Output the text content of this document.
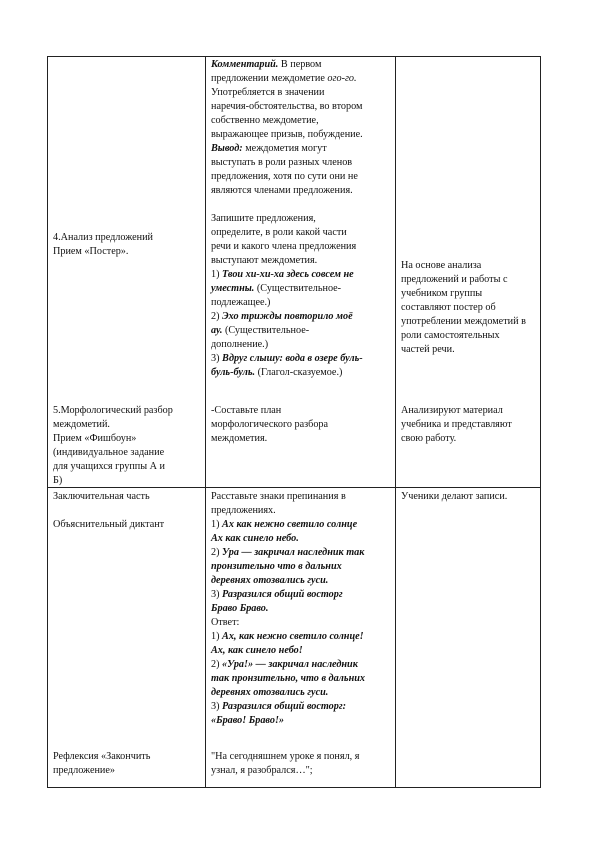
4.Анализ предложений
Прием «Постер».

5.Морфологический разбор
междометий.
Прием «Фишбоун»
(индивидуальное задание
для учащихся группы А и
Б)

Комментарий. В первом
предложении междометие ого-го.
Употребляется в значении
наречия-обстоятельства, во втором
собственно междометие,
выражающее призыв, побуждение.

Вывод: междометия могут
выступать в роли разных членов
предложения, хотя по сути они не
являются членами предложения.

Запишите предложения,
определите, в роли какой части
речи и какого члена предложения
выступают междометия.

1) Твои хи-хи-ха здесь совсем не
уместны. (Существительное-
подлежащее.)

2) Эхо трижды повторило моё
ау. (Существительное-
дополнение.)

3) Вдруг слышу: вода в озере буль-
буль-буль. (Глагол-сказуемое.)

-Составьте план
морфологического разбора
междометия.

На основе анализа
предложений и работы с
учебником группы
составляют постер об
употреблении междометий в
роли самостоятельных
частей речи.

Анализируют материал
учебника и представляют
свою работу.

Заключительная часть

Объяснительный диктант

Рефлексия «Закончить
предложение»

Расставьте знаки препинания в
предложениях.

1) Ах как нежно светило солнце
Ах как синело небо.

2) Ура — закричал наследник так
пронзительно что в дальних
деревнях отозвались гуси.

3) Разразился общий восторг
Браво Браво.

Ответ:

1) Ах, как нежно светило солнце!
Ах, как синело небо!

2) «Ура!» — закричал наследник
так пронзительно, что в дальних
деревнях отозвались гуси.

3) Разразился общий восторг:
«Браво! Браво!»

"На сегодняшнем уроке я понял, я
узнал, я разобрался…";

Ученики делают записи.
